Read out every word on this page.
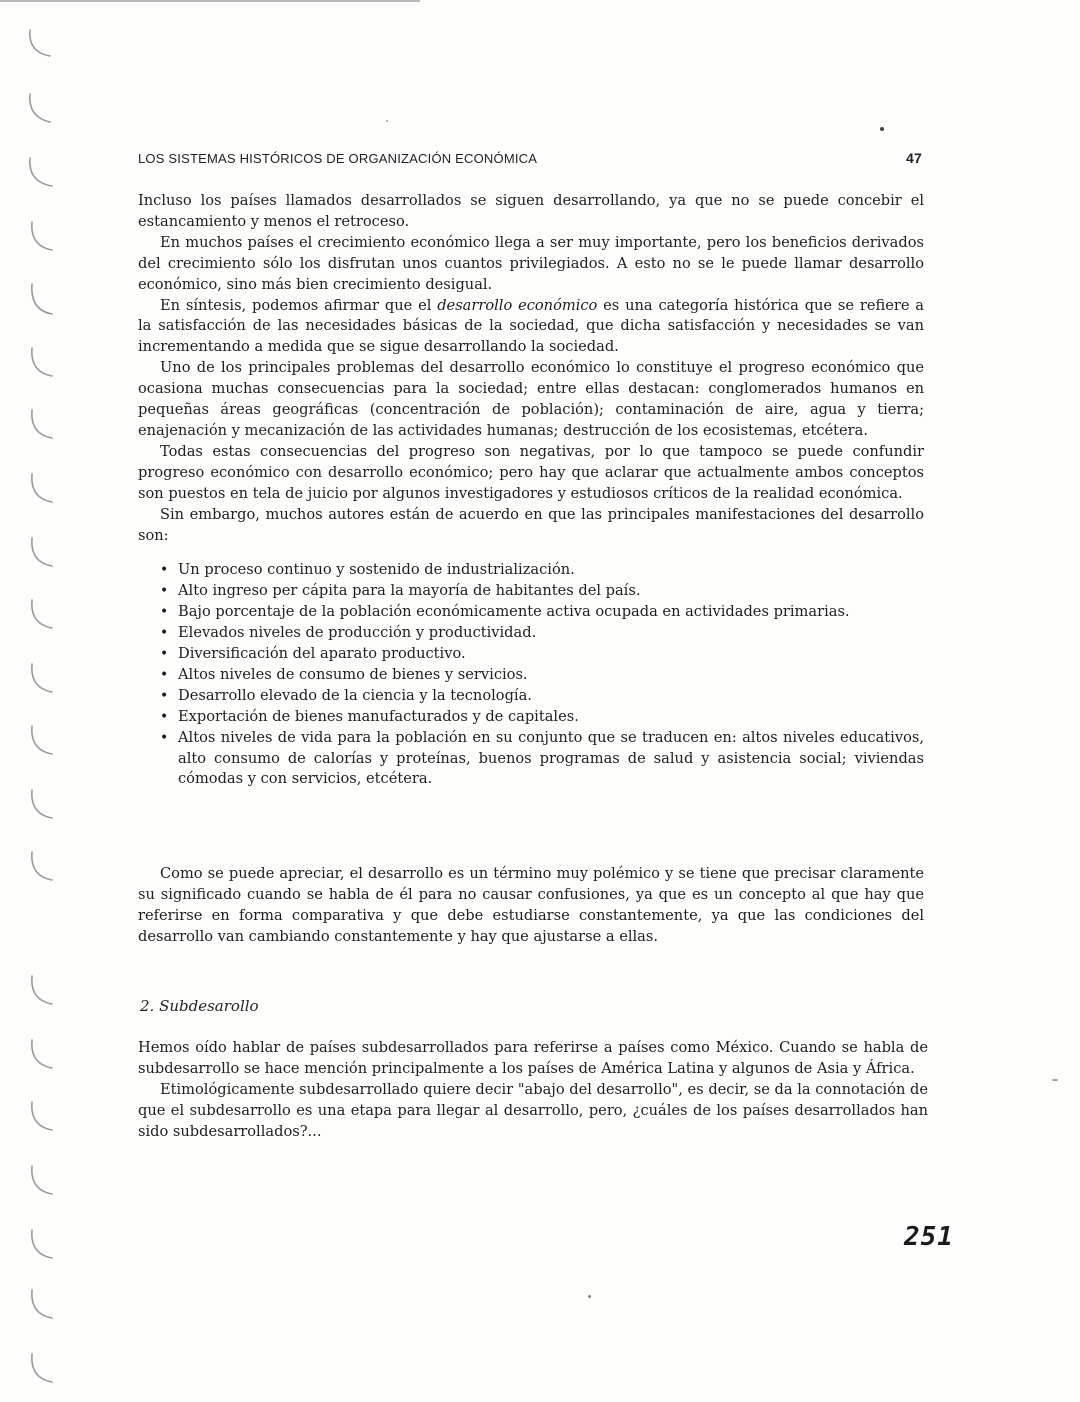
LOS SISTEMAS HISTÓRICOS DE ORGANIZACIÓN ECONÓMICA	47

Incluso los países llamados desarrollados se siguen desarrollando, ya que no se puede concebir el estancamiento y menos el retroceso.

En muchos países el crecimiento económico llega a ser muy importante, pero los beneficios derivados del crecimiento sólo los disfrutan unos cuantos privilegiados. A esto no se le puede llamar desarrollo económico, sino más bien crecimiento desigual.

En síntesis, podemos afirmar que el desarrollo económico es una categoría histórica que se refiere a la satisfacción de las necesidades básicas de la sociedad, que dicha satisfacción y necesidades se van incrementando a medida que se sigue desarrollando la sociedad.

Uno de los principales problemas del desarrollo económico lo constituye el progreso económico que ocasiona muchas consecuencias para la sociedad; entre ellas destacan: conglomerados humanos en pequeñas áreas geográficas (concentración de población); contaminación de aire, agua y tierra; enajenación y mecanización de las actividades humanas; destrucción de los ecosistemas, etcétera.

Todas estas consecuencias del progreso son negativas, por lo que tampoco se puede confundir progreso económico con desarrollo económico; pero hay que aclarar que actualmente ambos conceptos son puestos en tela de juicio por algunos investigadores y estudiosos críticos de la realidad económica.

Sin embargo, muchos autores están de acuerdo en que las principales manifestaciones del desarrollo son:

• Un proceso continuo y sostenido de industrialización.
• Alto ingreso per cápita para la mayoría de habitantes del país.
• Bajo porcentaje de la población económicamente activa ocupada en actividades primarias.
• Elevados niveles de producción y productividad.
• Diversificación del aparato productivo.
• Altos niveles de consumo de bienes y servicios.
• Desarrollo elevado de la ciencia y la tecnología.
• Exportación de bienes manufacturados y de capitales.
• Altos niveles de vida para la población en su conjunto que se traducen en: altos niveles educativos, alto consumo de calorías y proteínas, buenos programas de salud y asistencia social; viviendas cómodas y con servicios, etcétera.

Como se puede apreciar, el desarrollo es un término muy polémico y se tiene que precisar claramente su significado cuando se habla de él para no causar confusiones, ya que es un concepto al que hay que referirse en forma comparativa y que debe estudiarse constantemente, ya que las condiciones del desarrollo van cambiando constantemente y hay que ajustarse a ellas.

2. Subdesarollo

Hemos oído hablar de países subdesarrollados para referirse a países como México. Cuando se habla de subdesarrollo se hace mención principalmente a los países de América Latina y algunos de Asia y África.

Etimológicamente subdesarrollado quiere decir "abajo del desarrollo", es decir, se da la connotación de que el subdesarrollo es una etapa para llegar al desarrollo, pero, ¿cuáles de los países desarrollados han sido subdesarrollados?...

251
